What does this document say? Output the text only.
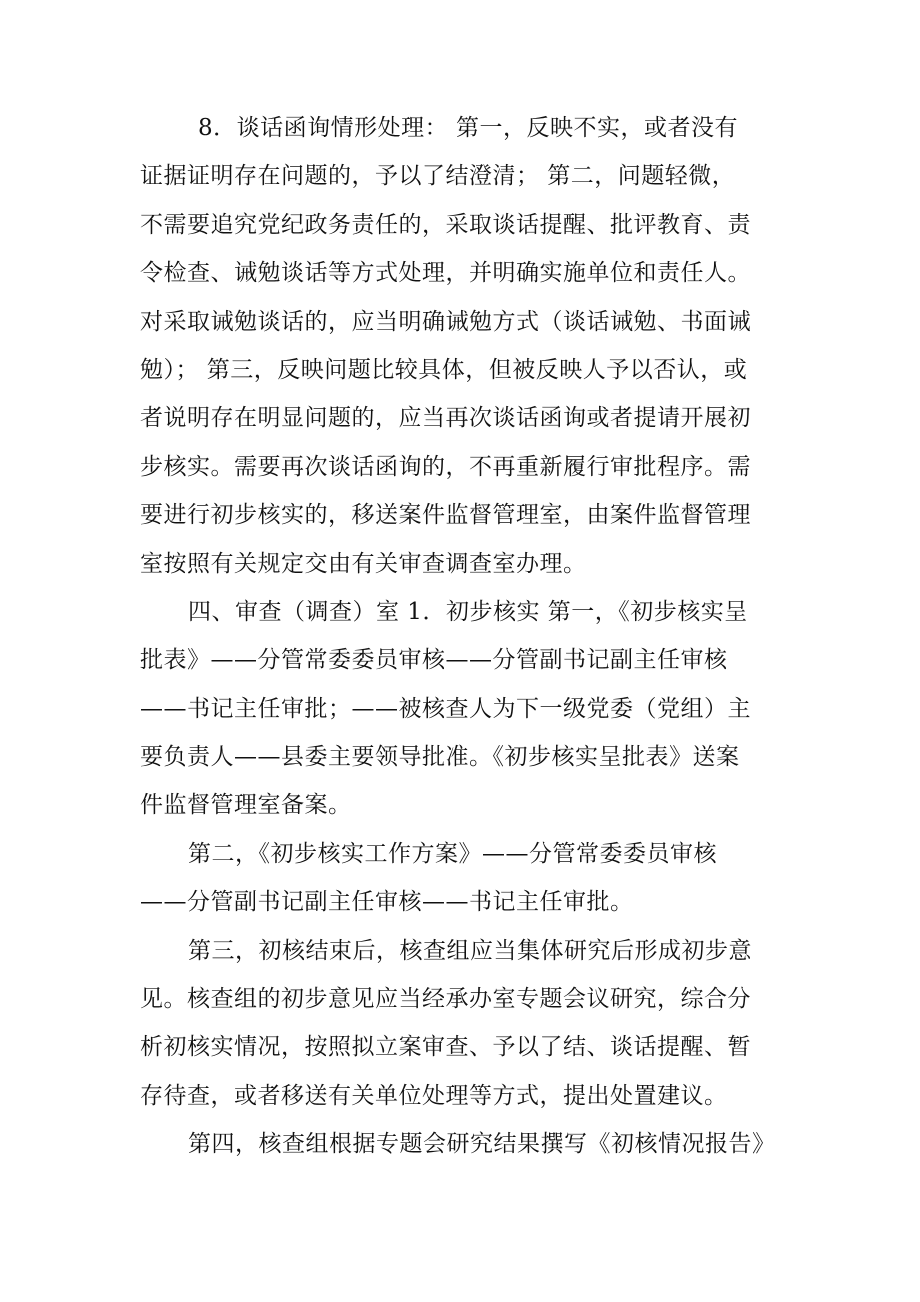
8．谈话函询情形处理： 第一，反映不实，或者没有
证据证明存在问题的，予以了结澄清； 第二，问题轻微，
不需要追究党纪政务责任的，采取谈话提醒、批评教育、责
令检查、诫勉谈话等方式处理，并明确实施单位和责任人。
对采取诫勉谈话的，应当明确诫勉方式（谈话诫勉、书面诫
勉）； 第三，反映问题比较具体，但被反映人予以否认，或
者说明存在明显问题的，应当再次谈话函询或者提请开展初
步核实。需要再次谈话函询的，不再重新履行审批程序。需
要进行初步核实的，移送案件监督管理室，由案件监督管理
室按照有关规定交由有关审查调查室办理。
四、审查（调查）室 1．初步核实 第一，《初步核实呈
批表》——分管常委委员审核——分管副书记副主任审核
——书记主任审批；——被核查人为下一级党委（党组）主
要负责人——县委主要领导批准。《初步核实呈批表》送案
件监督管理室备案。
第二，《初步核实工作方案》——分管常委委员审核
——分管副书记副主任审核——书记主任审批。
第三，初核结束后，核查组应当集体研究后形成初步意
见。核查组的初步意见应当经承办室专题会议研究，综合分
析初核实情况，按照拟立案审查、予以了结、谈话提醒、暂
存待查，或者移送有关单位处理等方式，提出处置建议。
第四，核查组根据专题会研究结果撰写《初核情况报告》
